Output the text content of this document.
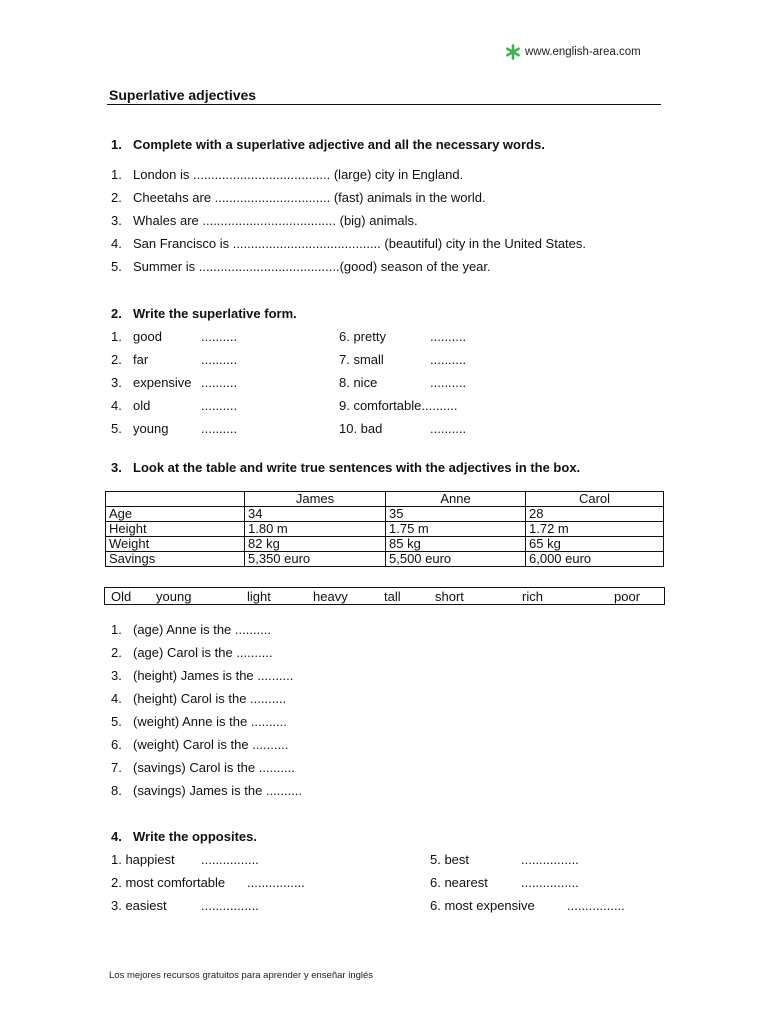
www.english-area.com
Superlative adjectives
1. Complete with a superlative adjective and all the necessary words.
1. London is ...................................... (large) city in England.
2. Cheetahs are ................................ (fast) animals in the world.
3. Whales are ..................................... (big) animals.
4. San Francisco is ......................................... (beautiful) city in the United States.
5. Summer is .......................................(good) season of the year.
2. Write the superlative form.
1. good	..........
2. far	..........
3. expensive ..........
4. old	..........
5. young	..........
6. pretty	..........
7. small	..........
8. nice	..........
9. comfortable..........
10. bad	..........
3. Look at the table and write true sentences with the adjectives in the box.
	James	Anne	Carol
Age	34	35	28
Height	1.80 m	1.75 m	1.72 m
Weight	82 kg	85 kg	65 kg
Savings	5,350 euro	5,500 euro	6,000 euro
Old young	light	heavy	tall	short	rich	poor
1. (age) Anne is the ..........
2. (age) Carol is the ..........
3. (height) James is the ..........
4. (height) Carol is the ..........
5. (weight) Anne is the ..........
6. (weight) Carol is the ..........
7. (savings) Carol is the ..........
8. (savings) James is the ..........
4. Write the opposites.
1. happiest ................
2. most comfortable ................
3. easiest	................
5. best	................
6. nearest	................
6. most expensive ................
Los mejores recursos gratuitos para aprender y enseñar inglés
